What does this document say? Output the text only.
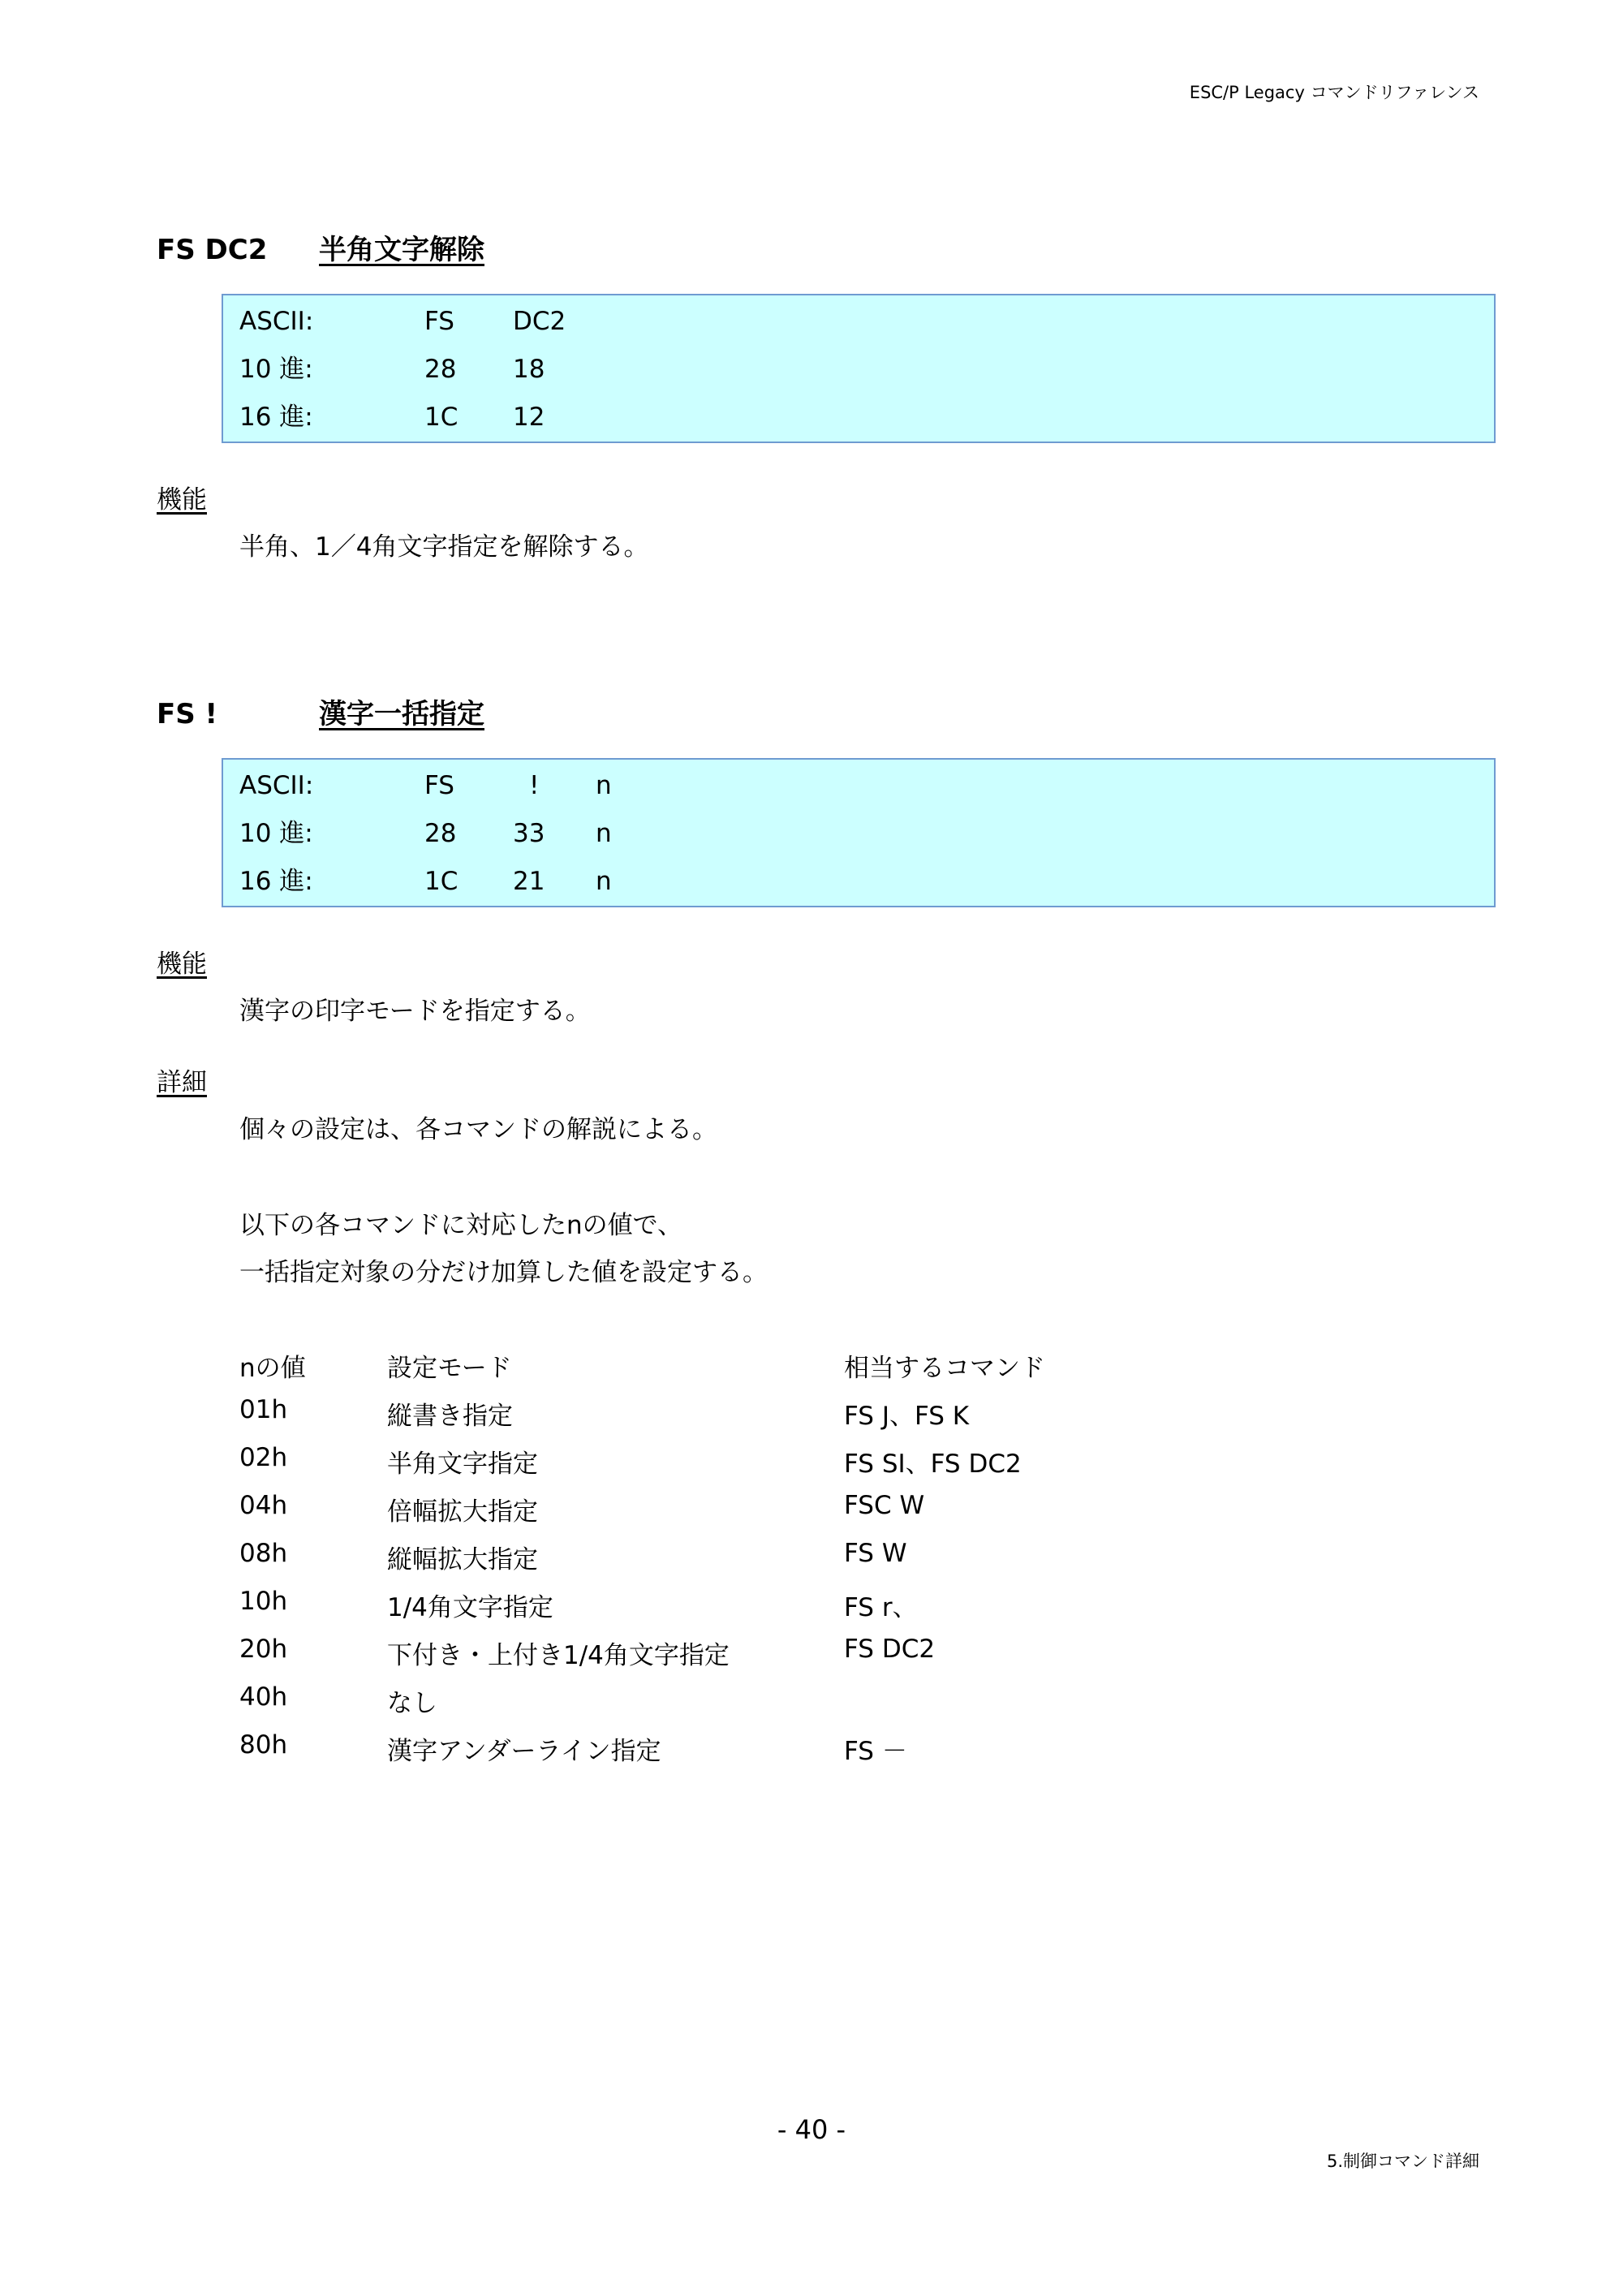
ESC/P Legacy コマンドリファレンス
FS DC2 半角文字解除
ASCII:	FS DC2
10 進:	28 18
16 進:	1C 12
機能
半角、1／4角文字指定を解除する。
FS !	漢字一括指定
ASCII:	FS	! n
10 進:	28 33 n
16 進:	1C 21 n
機能
漢字の印字モードを指定する。
詳細
個々の設定は、各コマンドの解説による。
以下の各コマンドに対応したnの値で、
一括指定対象の分だけ加算した値を設定する。
nの値	設定モード	相当するコマンド
01h	縦書き指定	FS J、FS K
02h	半角文字指定	FS SI、FS DC2
04h	倍幅拡大指定	FSC W
08h	縦幅拡大指定	FS W
10h	1/4角文字指定	FS r、
20h	下付き・上付き1/4角文字指定	FS DC2
40h	なし
80h	漢字アンダーライン指定	FS －
- 40 -
5.制御コマンド詳細
